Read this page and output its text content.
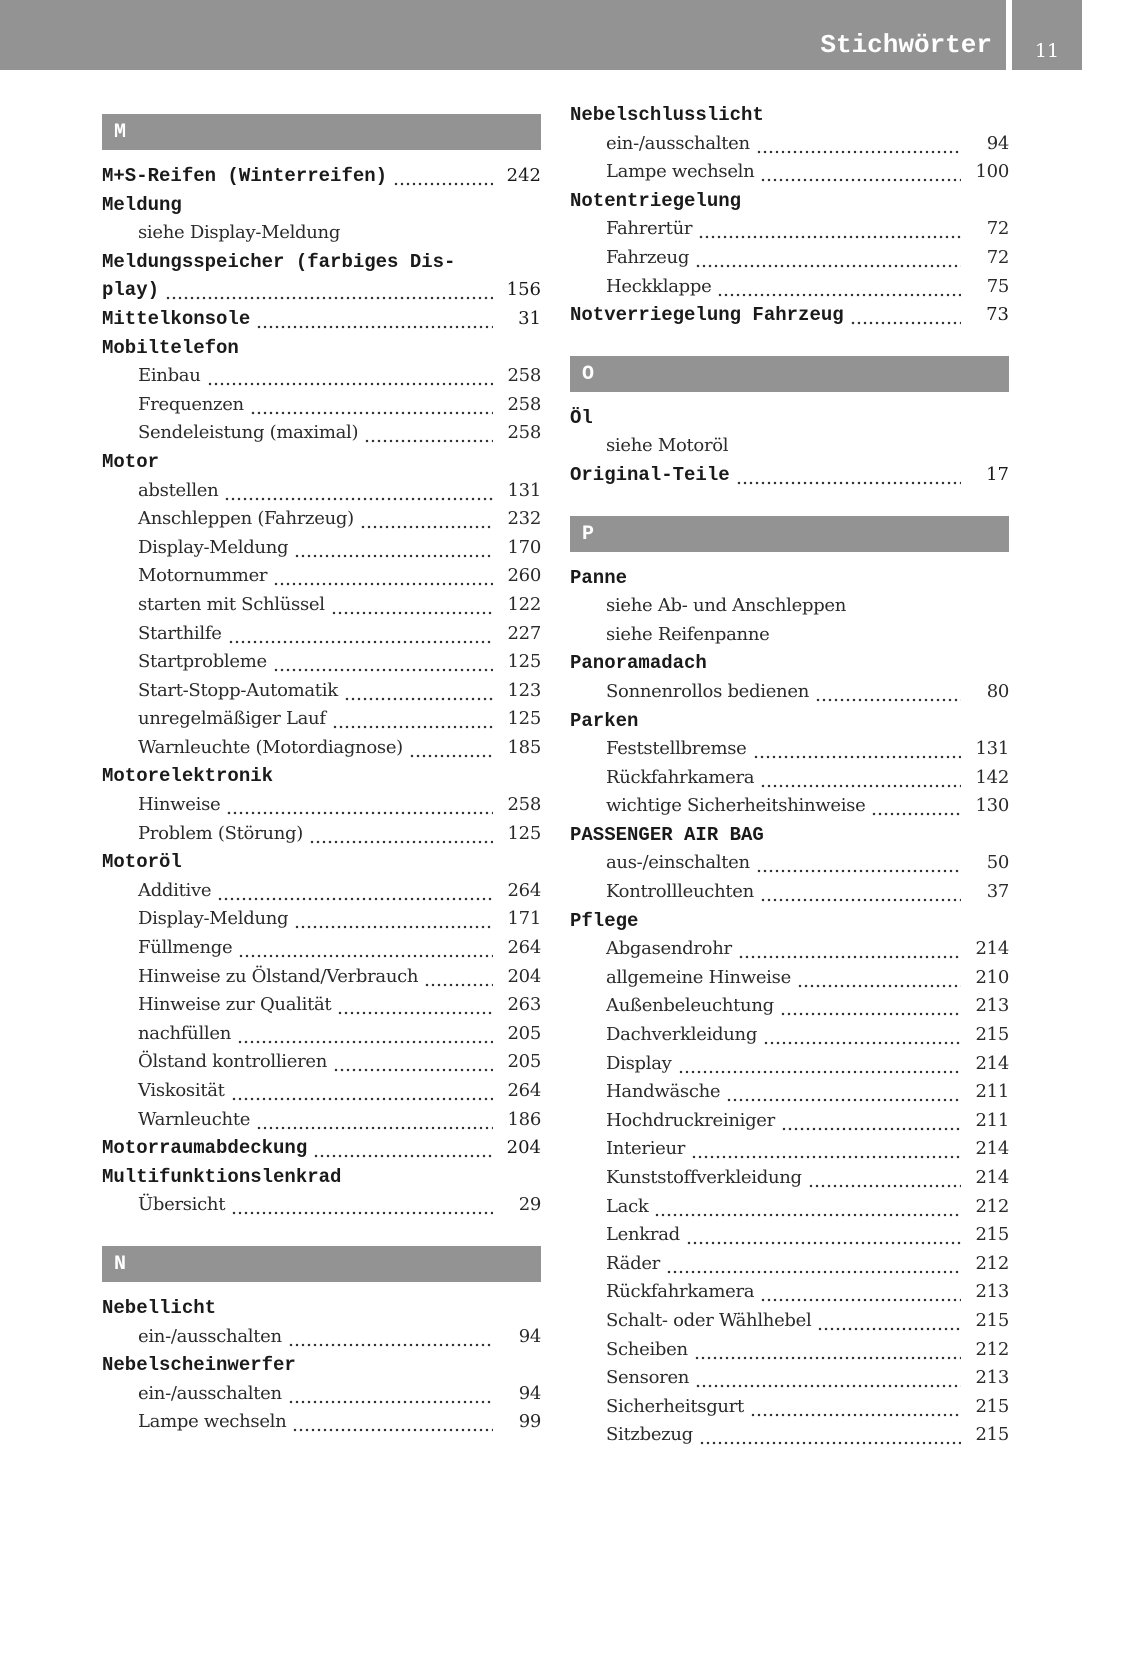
Stichwörter	11
M
M+S-Reifen (Winterreifen)	242
Meldung
siehe Display-Meldung
Meldungsspeicher (farbiges Dis-
play)	156
Mittelkonsole	31
Mobiltelefon
Einbau	258
Frequenzen	258
Sendeleistung (maximal)	258
Motor
abstellen	131
Anschleppen (Fahrzeug)	232
Display-Meldung	170
Motornummer	260
starten mit Schlüssel	122
Starthilfe	227
Startprobleme	125
Start-Stopp-Automatik	123
unregelmäßiger Lauf	125
Warnleuchte (Motordiagnose)	185
Motorelektronik
Hinweise	258
Problem (Störung)	125
Motoröl
Additive	264
Display-Meldung	171
Füllmenge	264
Hinweise zu Ölstand/Verbrauch	204
Hinweise zur Qualität	263
nachfüllen	205
Ölstand kontrollieren	205
Viskosität	264
Warnleuchte	186
Motorraumabdeckung	204
Multifunktionslenkrad
Übersicht	29
N
Nebellicht
ein-/ausschalten	94
Nebelscheinwerfer
ein-/ausschalten	94
Lampe wechseln	99
Nebelschlusslicht
ein-/ausschalten	94
Lampe wechseln	100
Notentriegelung
Fahrertür	72
Fahrzeug	72
Heckklappe	75
Notverriegelung Fahrzeug	73
O
Öl
siehe Motoröl
Original-Teile	17
P
Panne
siehe Ab- und Anschleppen
siehe Reifenpanne
Panoramadach
Sonnenrollos bedienen	80
Parken
Feststellbremse	131
Rückfahrkamera	142
wichtige Sicherheitshinweise	130
PASSENGER AIR BAG
aus-/einschalten	50
Kontrollleuchten	37
Pflege
Abgasendrohr	214
allgemeine Hinweise	210
Außenbeleuchtung	213
Dachverkleidung	215
Display	214
Handwäsche	211
Hochdruckreiniger	211
Interieur	214
Kunststoffverkleidung	214
Lack	212
Lenkrad	215
Räder	212
Rückfahrkamera	213
Schalt- oder Wählhebel	215
Scheiben	212
Sensoren	213
Sicherheitsgurt	215
Sitzbezug	215
